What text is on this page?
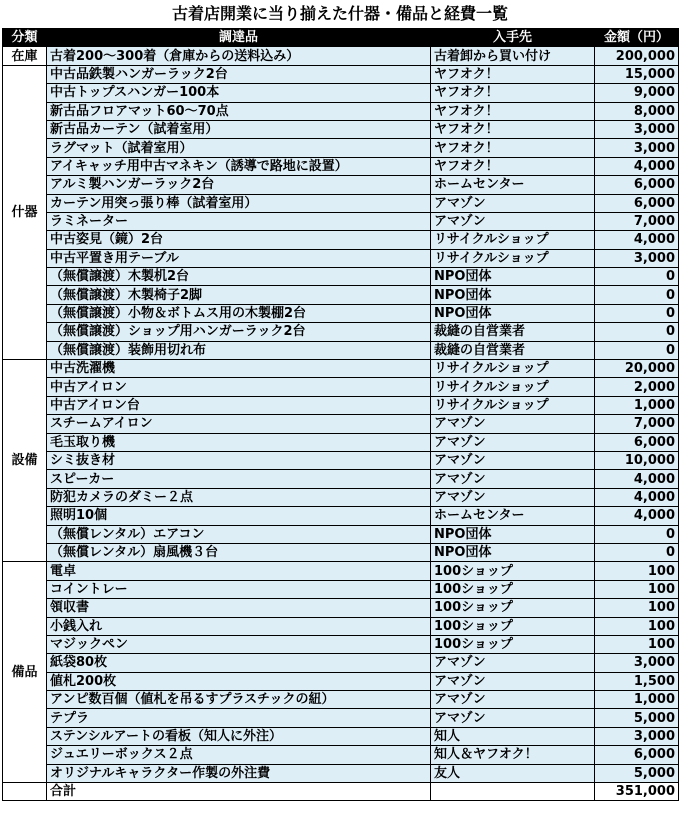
古着店開業に当り揃えた什器・備品と経費一覧
分類	調達品	入手先	金額（円）
在庫	古着200〜300着（倉庫からの送料込み）	古着卸から買い付け	200,000
什器	中古品鉄製ハンガーラック2台	ヤフオク！	15,000
	中古トップスハンガー100本	ヤフオク！	9,000
	新古品フロアマット60〜70点	ヤフオク！	8,000
	新古品カーテン（試着室用）	ヤフオク！	3,000
	ラグマット（試着室用）	ヤフオク！	3,000
	アイキャッチ用中古マネキン（誘導で路地に設置）	ヤフオク！	4,000
	アルミ製ハンガーラック2台	ホームセンター	6,000
	カーテン用突っ張り棒（試着室用）	アマゾン	6,000
	ラミネーター	アマゾン	7,000
	中古姿見（鏡）2台	リサイクルショップ	4,000
	中古平置き用テーブル	リサイクルショップ	3,000
	（無償譲渡）木製机2台	NPO団体	0
	（無償譲渡）木製椅子2脚	NPO団体	0
	（無償譲渡）小物＆ボトムス用の木製棚2台	NPO団体	0
	（無償譲渡）ショップ用ハンガーラック2台	裁縫の自営業者	0
	（無償譲渡）装飾用切れ布	裁縫の自営業者	0
設備	中古洗濯機	リサイクルショップ	20,000
	中古アイロン	リサイクルショップ	2,000
	中古アイロン台	リサイクルショップ	1,000
	スチームアイロン	アマゾン	7,000
	毛玉取り機	アマゾン	6,000
	シミ抜き材	アマゾン	10,000
	スピーカー	アマゾン	4,000
	防犯カメラのダミー２点	アマゾン	4,000
	照明10個	ホームセンター	4,000
	（無償レンタル）エアコン	NPO団体	0
	（無償レンタル）扇風機３台	NPO団体	0
備品	電卓	100ショップ	100
	コイントレー	100ショップ	100
	領収書	100ショップ	100
	小銭入れ	100ショップ	100
	マジックペン	100ショップ	100
	紙袋80枚	アマゾン	3,000
	値札200枚	アマゾン	1,500
	アンピ数百個（値札を吊るすプラスチックの紐）	アマゾン	1,000
	テプラ	アマゾン	5,000
	ステンシルアートの看板（知人に外注）	知人	3,000
	ジュエリーボックス２点	知人＆ヤフオク！	6,000
	オリジナルキャラクター作製の外注費	友人	5,000
	合計		351,000
